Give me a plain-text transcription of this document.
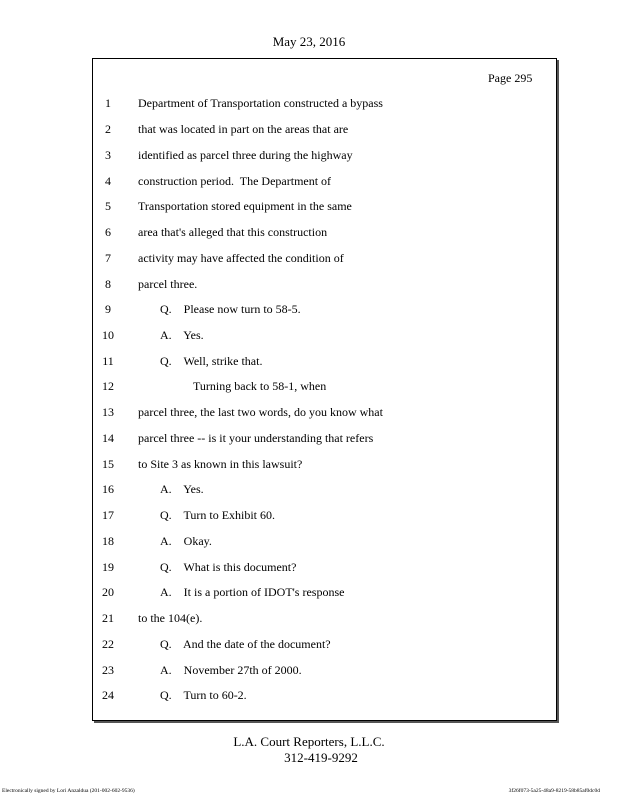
May 23, 2016
Page 295
1	Department of Transportation constructed a bypass
2	that was located in part on the areas that are
3	identified as parcel three during the highway
4	construction period.  The Department of
5	Transportation stored equipment in the same
6	area that's alleged that this construction
7	activity may have affected the condition of
8	parcel three.
9	Q.    Please now turn to 58-5.
10	A.    Yes.
11	Q.    Well, strike that.
12	Turning back to 58-1, when
13	parcel three, the last two words, do you know what
14	parcel three -- is it your understanding that refers
15	to Site 3 as known in this lawsuit?
16	A.    Yes.
17	Q.    Turn to Exhibit 60.
18	A.    Okay.
19	Q.    What is this document?
20	A.    It is a portion of IDOT's response
21	to the 104(e).
22	Q.    And the date of the document?
23	A.    November 27th of 2000.
24	Q.    Turn to 60-2.
L.A. Court Reporters, L.L.C.
312-419-9292
Electronically signed by Lori Anzaldua (201-002-602-9536)	3f26f073-5a25-48a9-8219-58b85af0dc0d
